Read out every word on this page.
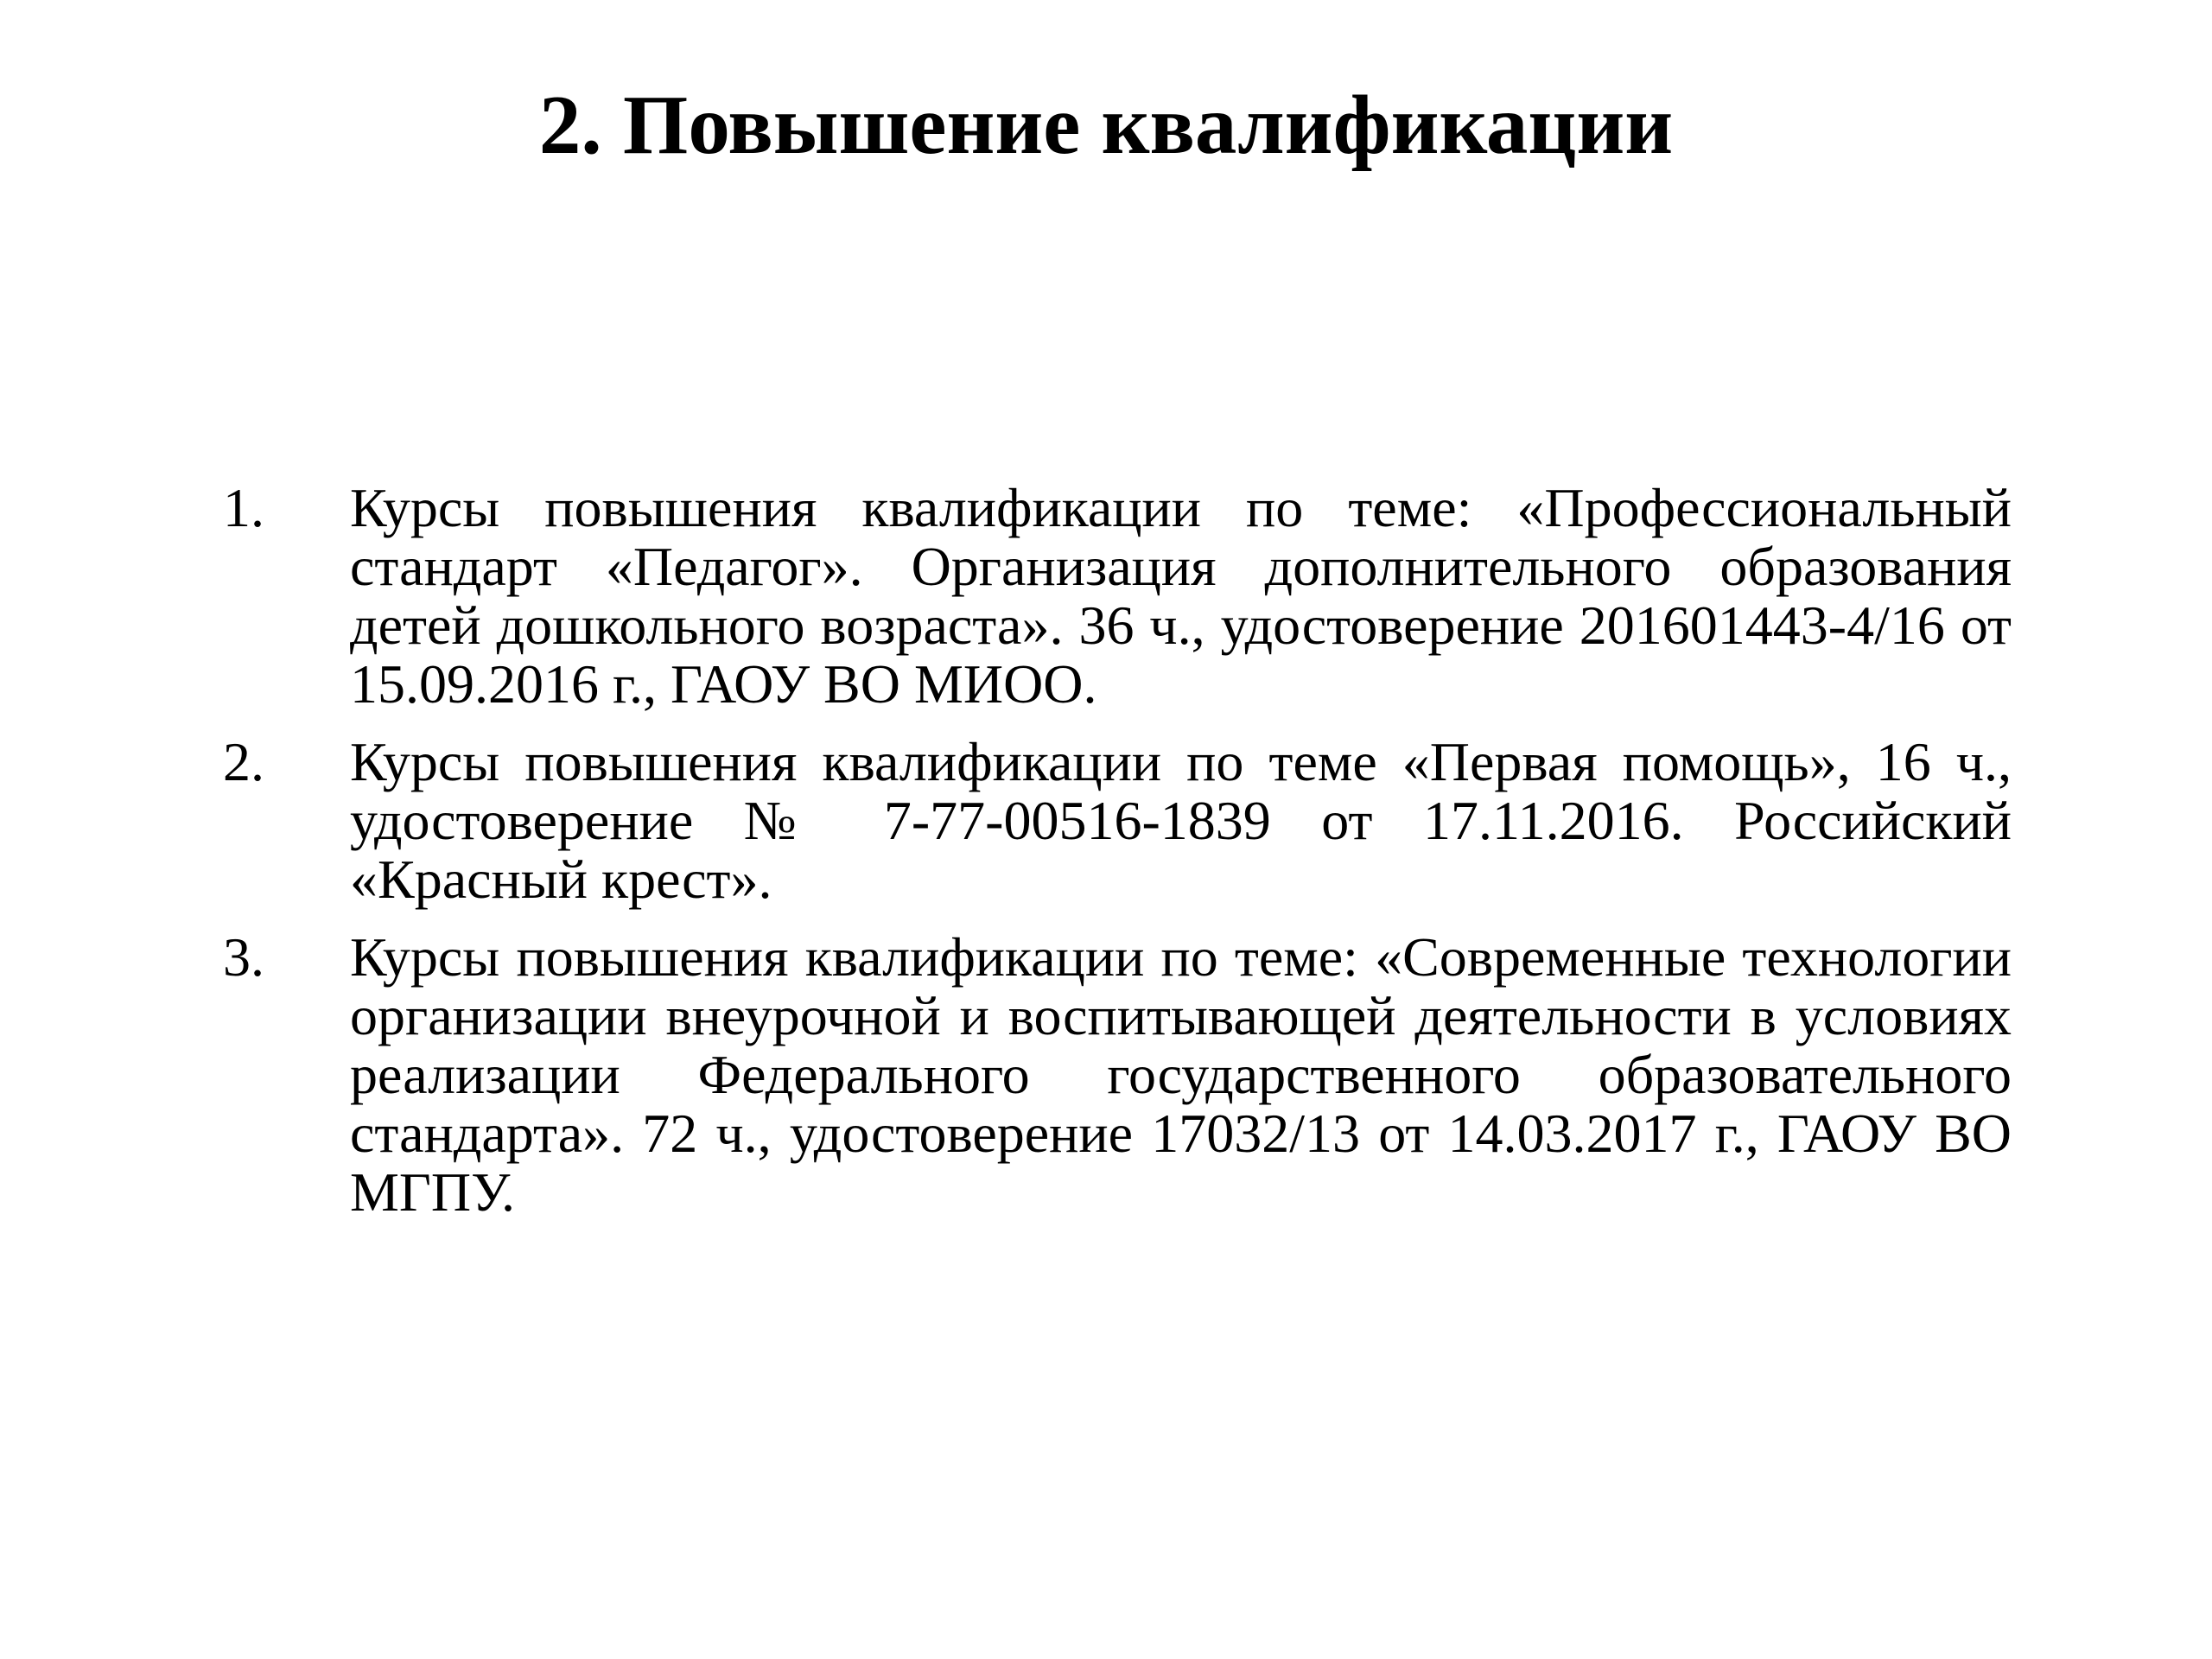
2. Повышение квалификации
1.	Курсы повышения квалификации по теме: «Профессиональный стандарт «Педагог». Организация дополнительного образования детей дошкольного возраста». 36 ч., удостоверение 201601443-4/16 от 15.09.2016 г., ГАОУ ВО МИОО.
2.	Курсы повышения квалификации по теме «Первая помощь», 16 ч., удостоверение № 7-77-00516-1839 от 17.11.2016. Российский «Красный крест».
3.	Курсы повышения квалификации по теме: «Современные технологии организации внеурочной и воспитывающей деятельности в условиях реализации Федерального государственного образовательного стандарта». 72 ч., удостоверение 17032/13 от 14.03.2017 г., ГАОУ ВО МГПУ.
